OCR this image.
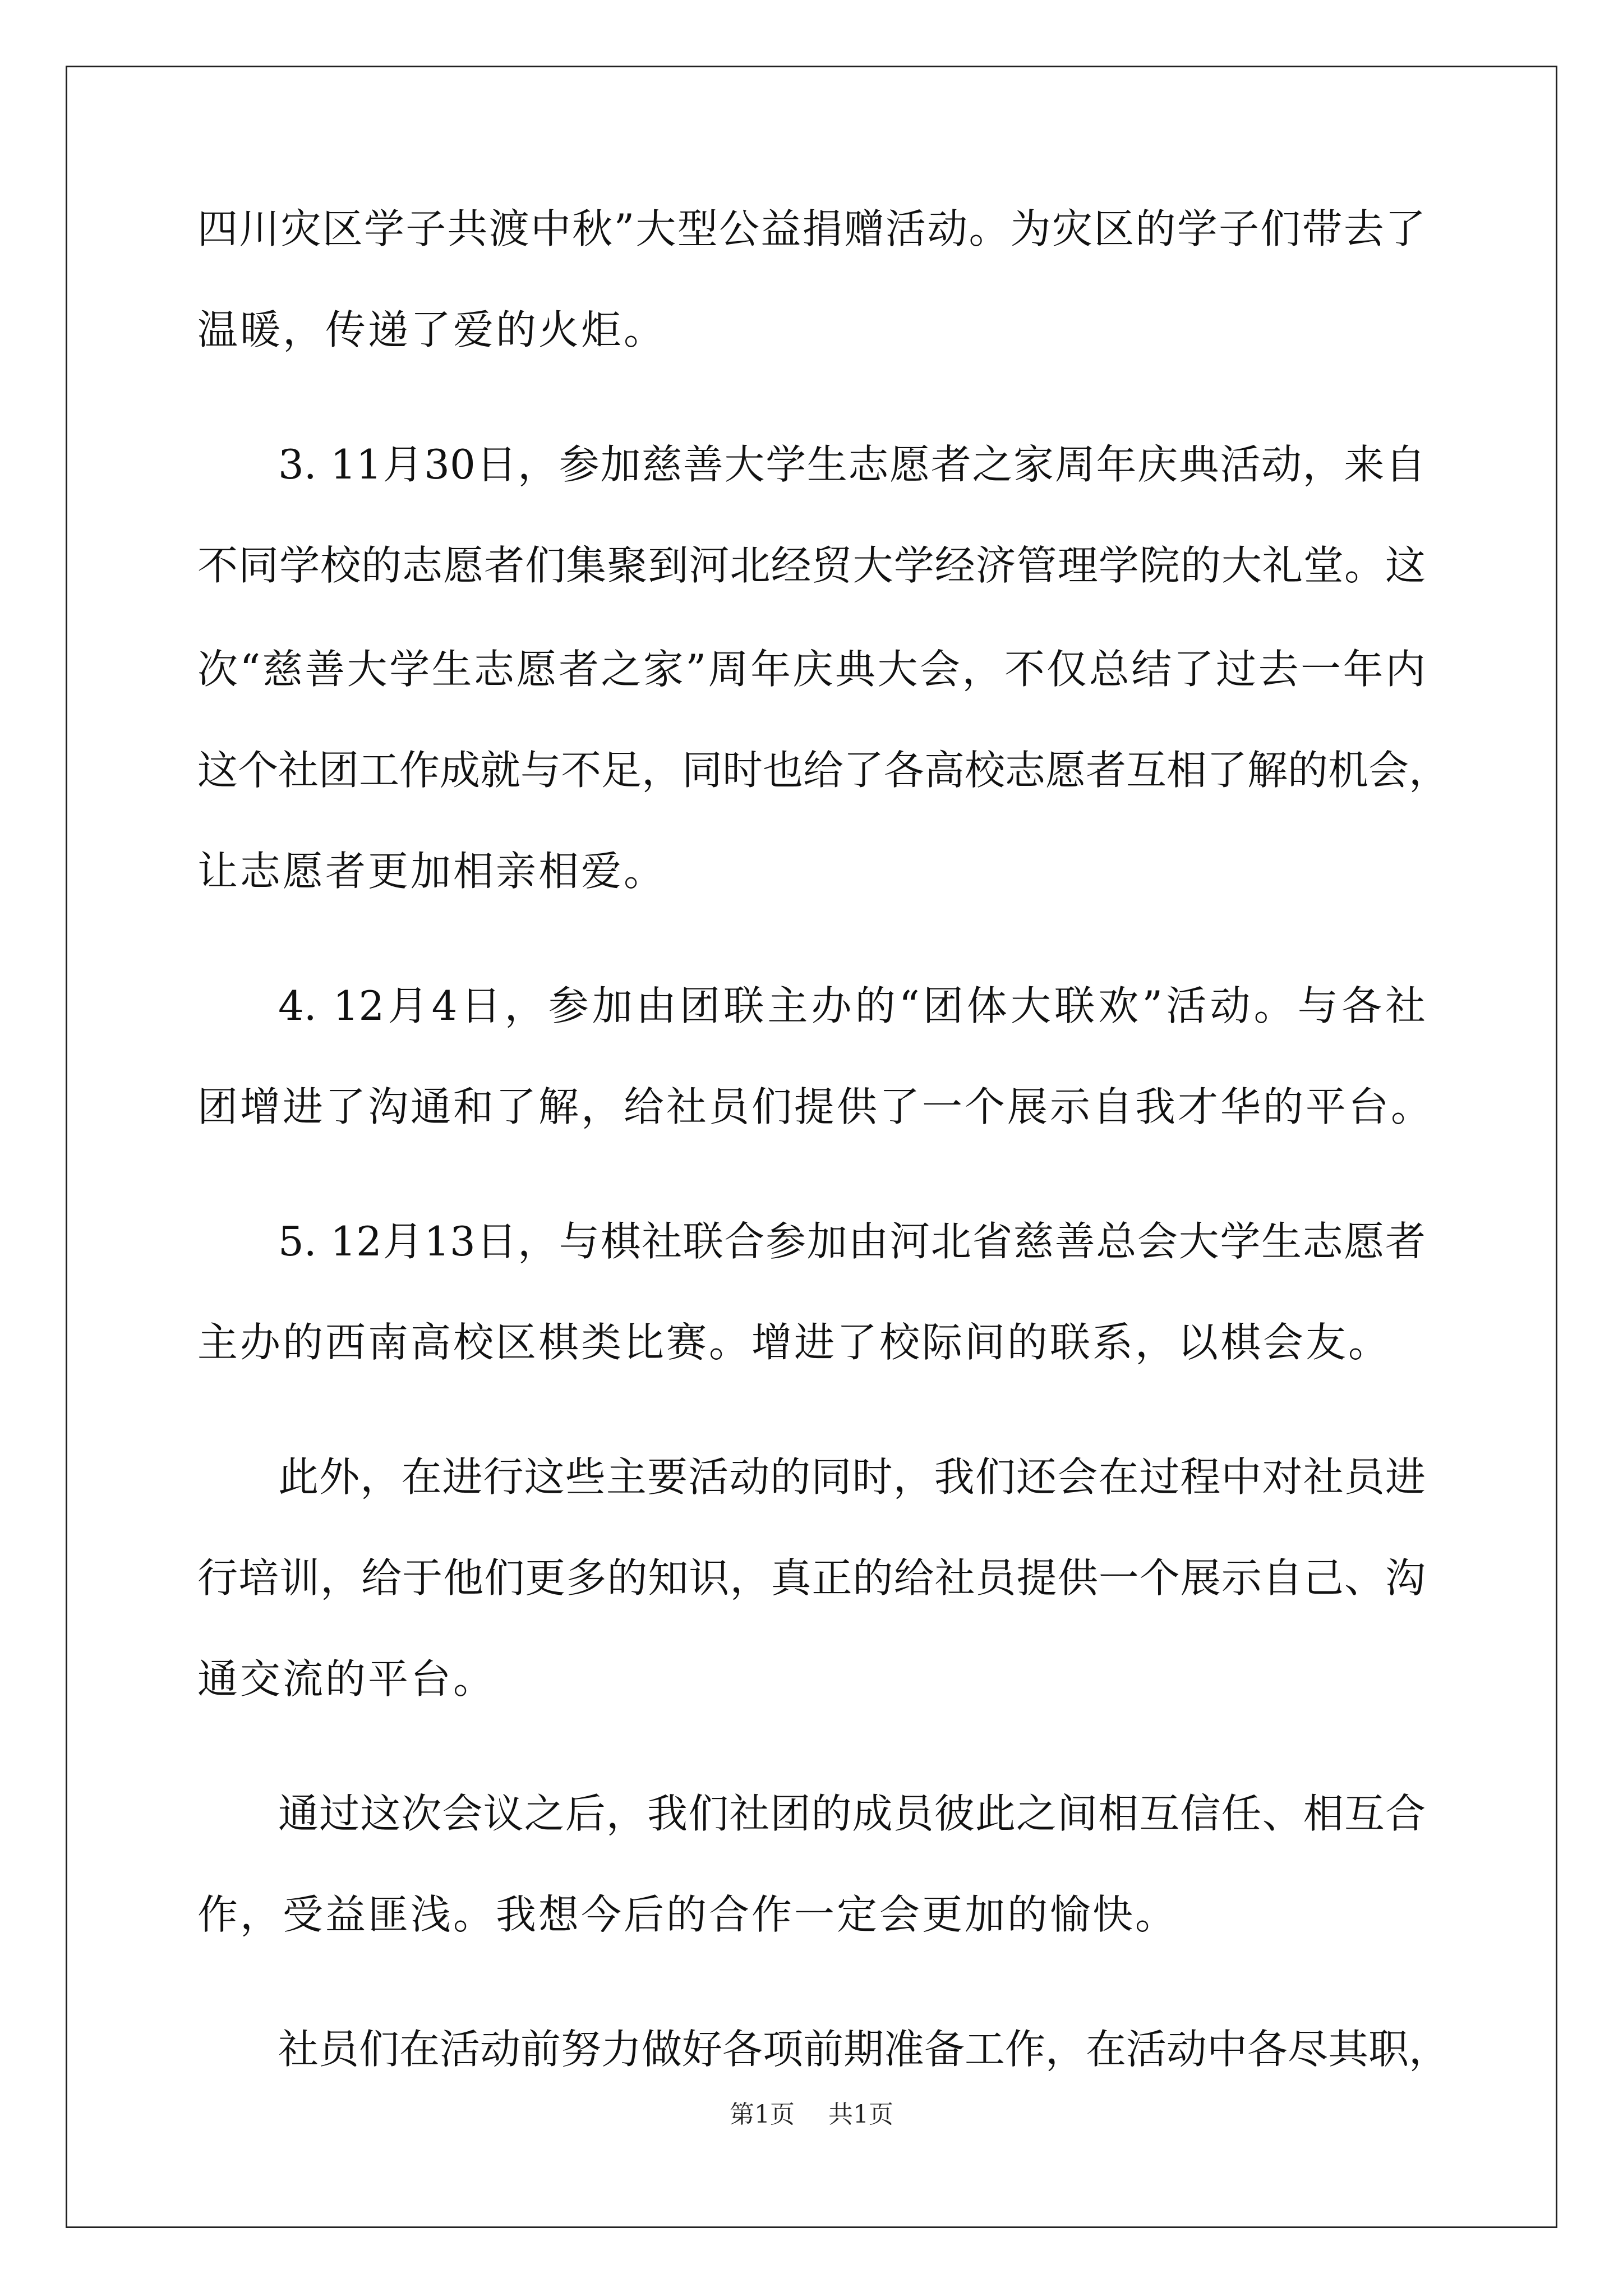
四川灾区学子共渡中秋”大型公益捐赠活动。为灾区的学子们带去了
温暖，传递了爱的火炬。
3. 11月30日，参加慈善大学生志愿者之家周年庆典活动，来自
不同学校的志愿者们集聚到河北经贸大学经济管理学院的大礼堂。这
次“慈善大学生志愿者之家”周年庆典大会，不仅总结了过去一年内
这个社团工作成就与不足，同时也给了各高校志愿者互相了解的机会，
让志愿者更加相亲相爱。
4. 12月4日，参加由团联主办的“团体大联欢”活动。与各社
团增进了沟通和了解，给社员们提供了一个展示自我才华的平台。
5. 12月13日，与棋社联合参加由河北省慈善总会大学生志愿者
主办的西南高校区棋类比赛。增进了校际间的联系，以棋会友。
此外，在进行这些主要活动的同时，我们还会在过程中对社员进
行培训，给于他们更多的知识，真正的给社员提供一个展示自己、沟
通交流的平台。
通过这次会议之后，我们社团的成员彼此之间相互信任、相互合
作，受益匪浅。我想今后的合作一定会更加的愉快。
社员们在活动前努力做好各项前期准备工作，在活动中各尽其职，
第1页 共1页
